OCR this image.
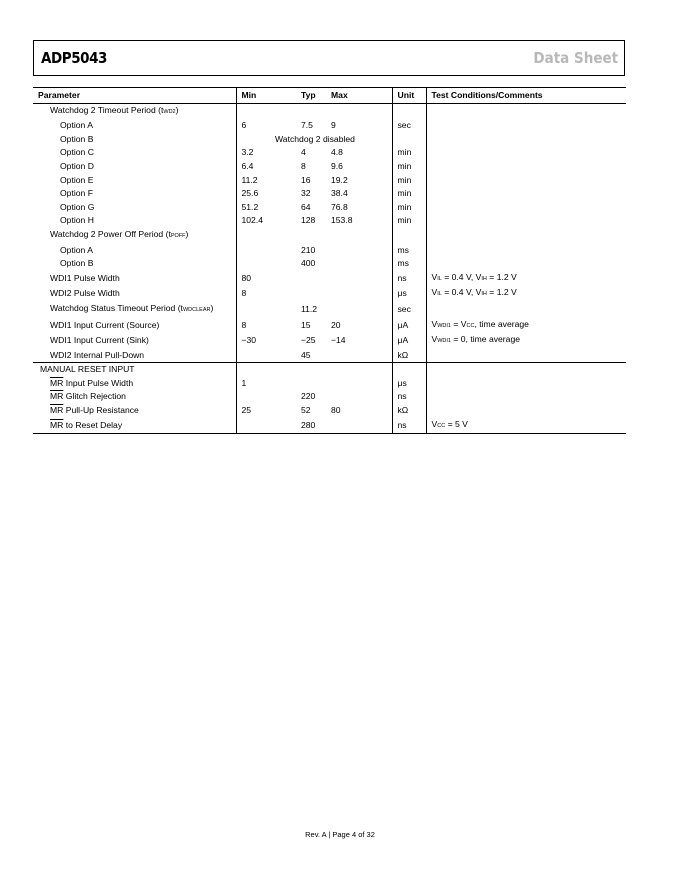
ADP5043	Data Sheet
Parameter	Min	Typ	Max	Unit	Test Conditions/Comments
Watchdog 2 Timeout Period (tWD2)					
Option A	6	7.5	9	sec	
Option B	Watchdog 2 disabled				
Option C	3.2	4	4.8	min	
Option D	6.4	8	9.6	min	
Option E	11.2	16	19.2	min	
Option F	25.6	32	38.4	min	
Option G	51.2	64	76.8	min	
Option H	102.4	128	153.8	min	
Watchdog 2 Power Off Period (tPOFF)					
Option A		210		ms	
Option B		400		ms	
WDI1 Pulse Width	80			ns	VIL = 0.4 V, VIH = 1.2 V
WDI2 Pulse Width	8			μs	VIL = 0.4 V, VIH = 1.2 V
Watchdog Status Timeout Period (tWDCLEAR)		11.2		sec	
WDI1 Input Current (Source)	8	15	20	μA	VWDI1 = VCC, time average
WDI1 Input Current (Sink)	−30	−25	−14	μA	VWDI1 = 0, time average
WDI2 Internal Pull-Down		45		kΩ	
MANUAL RESET INPUT					
$\overline{MR}$ Input Pulse Width	1			μs	
$\overline{MR}$ Glitch Rejection		220		ns	
$\overline{MR}$ Pull-Up Resistance	25	52	80	kΩ	
$\overline{MR}$ to Reset Delay		280		ns	VCC = 5 V
Rev. A | Page 4 of 32
